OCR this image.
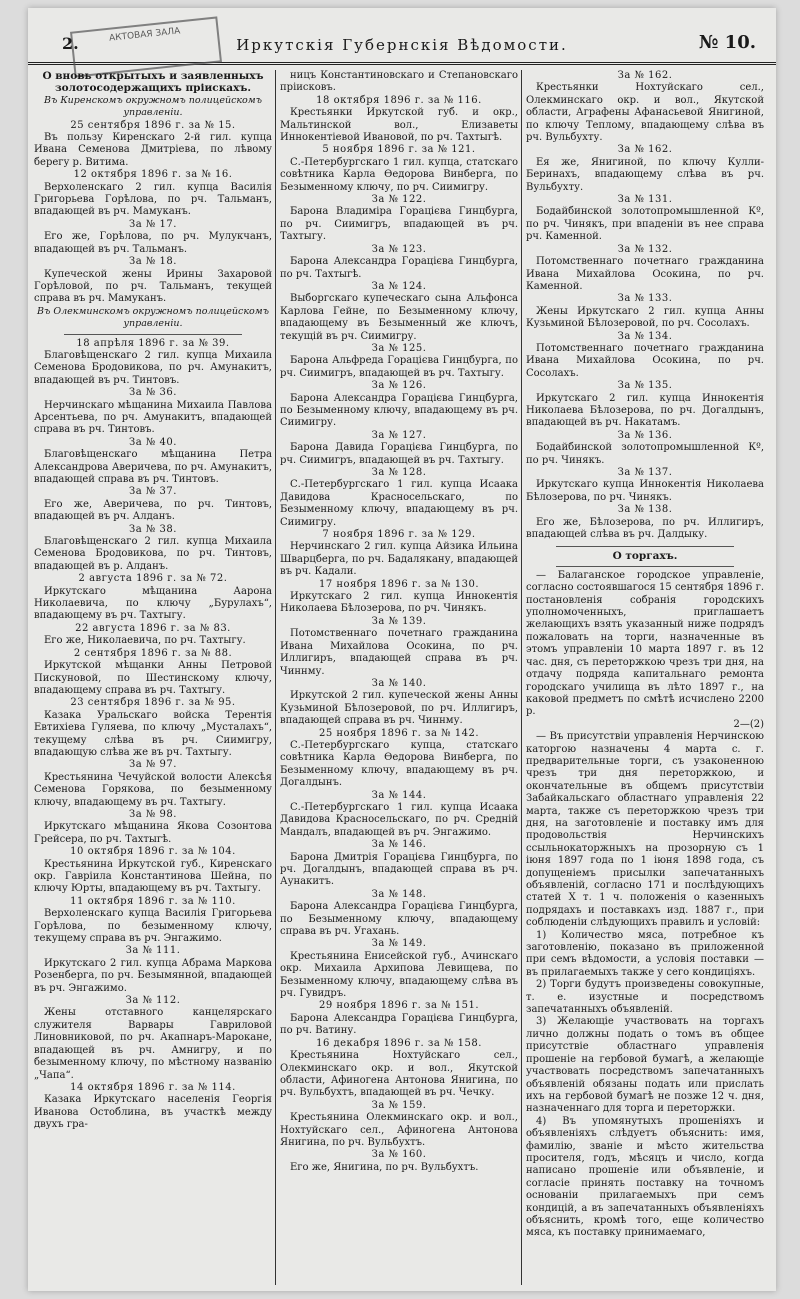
АКТОВАЯ ЗАЛА
2.	Иркутскія Губернскія Вѣдомости.	№ 10.

О вновь открытыхъ и заявленныхъ золотосодержащихъ пріискахъ.

Въ Киренскомъ окружномъ полицейскомъ управленіи.

25 сентября 1896 г. за № 15.

Въ пользу Киренскаго 2-й гил. купца Ивана Семенова Дмитріева, по лѣвому берегу р. Витима.

12 октября 1896 г. за № 16.

Верхоленскаго 2 гил. купца Василія Григорьева Горѣлова, по рч. Тальманъ, впадающей въ рч. Мамуканъ.

За № 17.

Его же, Горѣлова, по рч. Мулукчанъ, впадающей въ рч. Тальманъ.

За № 18.

Купеческой жены Ирины Захаровой Горѣловой, по рч. Тальманъ, текущей справа въ рч. Мамуканъ.

Въ Олекминскомъ окружномъ полицейскомъ управленіи.

18 апрѣля 1896 г. за № 39.

Благовѣщенскаго 2 гил. купца Михаила Семенова Бродовикова, по рч. Амунакитъ, впадающей въ рч. Тинтовъ.

За № 36.

Нерчинскаго мѣщанина Михаила Павлова Арсентьева, по рч. Амунакитъ, впадающей справа въ рч. Тинтовъ.

За № 40.

Благовѣщенскаго мѣщанина Петра Александрова Аверичева, по рч. Амунакитъ, впадающей справа въ рч. Тинтовъ.

За № 37.

Его же, Аверичева, по рч. Тинтовъ, впадающей въ рч. Алданъ.

За № 38.

Благовѣщенскаго 2 гил. купца Михаила Семенова Бродовикова, по рч. Тинтовъ, впадающей въ р. Алданъ.

2 августа 1896 г. за № 72.

Иркутскаго мѣщанина Аарона Николаевича, по ключу „Бурулахъ“, впадающему въ рч. Тахтыгу.

22 августа 1896 г. за № 83.

Его же, Николаевича, по рч. Тахтыгу.

2 сентября 1896 г. за № 88.

Иркутской мѣщанки Анны Петровой Пискуновой, по Шестинскому ключу, впадающему справа въ рч. Тахтыгу.

23 сентября 1896 г. за № 95.

Казака Уральскаго войска Терентія Евтихіева Гуляева, по ключу „Мусталахъ“, текущему слѣва въ рч. Сиимигру, впадающую слѣва же въ рч. Тахтыгу.

За № 97.

Крестьянина Чечуйской волости Алексѣя Семенова Горякова, по безыменному ключу, впадающему въ рч. Тахтыгу.

За № 98.

Иркутскаго мѣщанина Якова Созонтова Грейсера, по рч. Тахтыгѣ.

10 октября 1896 г. за № 104.

Крестьянина Иркутской губ., Киренскаго окр. Гавріила Константинова Шейна, по ключу Юрты, впадающему въ рч. Тахтыгу.

11 октября 1896 г. за № 110.

Верхоленскаго купца Василія Григорьева Горѣлова, по безыменному ключу, текущему справа въ рч. Энгажимо.

За № 111.

Иркутскаго 2 гил. купца Абрама Маркова Розенберга, по рч. Безымянной, впадающей въ рч. Энгажимо.

За № 112.

Жены отставного канцелярскаго служителя Варвары Гавриловой Линовниковой, по рч. Акапнаръ-Марокане, впадающей въ рч. Амнигру, и по безыменному ключу, по мѣстному названію „Чапа“.

14 октября 1896 г. за № 114.

Казака Иркутскаго населенія Георгія Иванова Остоблина, въ участкѣ между двухъ гра-

ницъ Константиновскаго и Степановскаго пріисковъ.

18 октября 1896 г. за № 116.

Крестьянки Иркутской губ. и окр., Мальтинской вол., Елизаветы Иннокентіевой Ивановой, по рч. Тахтыгѣ.

5 ноября 1896 г. за № 121.

С.-Петербургскаго 1 гил. купца, статскаго совѣтника Карла Ѳедорова Винберга, по Безыменному ключу, по рч. Сиимигру.

За № 122.

Барона Владиміра Горацієва Гинцбурга, по рч. Сиимигръ, впадающей въ рч. Тахтыгу.

За № 123.

Барона Александра Горацієва Гинцбурга, по рч. Тахтыгѣ.

За № 124.

Выборгскаго купеческаго сына Альфонса Карлова Гейне, по Безыменному ключу, впадающему въ Безыменный же ключъ, текущій въ рч. Сиимигру.

За № 125.

Барона Альфреда Горацієва Гинцбурга, по рч. Сиимигръ, впадающей въ рч. Тахтыгу.

За № 126.

Барона Александра Горацієва Гинцбурга, по Безыменному ключу, впадающему въ рч. Сиимигру.

За № 127.

Барона Давида Горацієва Гинцбурга, по рч. Сиимигръ, впадающей въ рч. Тахтыгу.

За № 128.

С.-Петербургскаго 1 гил. купца Исаака Давидова Красносельскаго, по Безыменному ключу, впадающему въ рч. Сиимигру.

7 ноября 1896 г. за № 129.

Нерчинскаго 2 гил. купца Айзика Ильина Шварцберга, по рч. Бадалякану, впадающей въ рч. Кадали.

17 ноября 1896 г. за № 130.

Иркутскаго 2 гил. купца Иннокентія Николаева Бѣлозерова, по рч. Чинякъ.

За № 139.

Потомственнаго почетнаго гражданина Ивана Михайлова Осокина, по рч. Иллигиръ, впадающей справа въ рч. Чиннму.

За № 140.

Иркутской 2 гил. купеческой жены Анны Кузьминой Бѣлозеровой, по рч. Иллигиръ, впадающей справа въ рч. Чиннму.

25 ноября 1896 г. за № 142.

С.-Петербургскаго купца, статскаго совѣтника Карла Ѳедорова Винберга, по Безыменному ключу, впадающему въ рч. Догалдынъ.

За № 144.

С.-Петербургскаго 1 гил. купца Исаака Давидова Красносельскаго, по рч. Средній Мандалъ, впадающей въ рч. Энгажимо.

За № 146.

Барона Дмитрія Горацієва Гинцбурга, по рч. Догалдынъ, впадающей справа въ рч. Аунакитъ.

За № 148.

Барона Александра Горацієва Гинцбурга, по Безыменному ключу, впадающему справа въ рч. Угахань.

За № 149.

Крестьянина Енисейской губ., Ачинскаго окр. Михаила Архипова Левищева, по Безыменному ключу, впадающему слѣва въ рч. Гувидръ.

29 ноября 1896 г. за № 151.

Барона Александра Горацієва Гинцбурга, по рч. Ватину.

16 декабря 1896 г. за № 158.

Крестьянина Нохтуйскаго сел., Олекминскаго окр. и вол., Якутской области, Афиногена Антонова Янигина, по рч. Вульбухтъ, впадающей въ рч. Чечку.

За № 159.

Крестьянина Олекминскаго окр. и вол., Нохтуйскаго сел., Афиногена Антонова Янигина, по рч. Вульбухтъ.

За № 160.

Его же, Янигина, по рч. Вульбухтъ.

За № 162.

Крестьянки Нохтуйскаго сел., Олекминскаго окр. и вол., Якутской области, Аграфены Афанасьевой Янигиной, по ключу Теплому, впадающему слѣва въ рч. Вульбухту.

За № 162.

Ея же, Янигиной, по ключу Кулли-Беринахъ, впадающему слѣва въ рч. Вульбухту.

За № 131.

Бодайбинской золотопромышленной Кº, по рч. Чинякъ, при впаденіи въ нее справа рч. Каменной.

За № 132.

Потомственнаго почетнаго гражданина Ивана Михайлова Осокина, по рч. Каменной.

За № 133.

Жены Иркутскаго 2 гил. купца Анны Кузьминой Бѣлозеровой, по рч. Сосолахъ.

За № 134.

Потомственнаго почетнаго гражданина Ивана Михайлова Осокина, по рч. Сосолахъ.

За № 135.

Иркутскаго 2 гил. купца Иннокентія Николаева Бѣлозерова, по рч. Догалдынъ, впадающей въ рч. Накатамъ.

За № 136.

Бодайбинской золотопромышленной Кº, по рч. Чинякъ.

За № 137.

Иркутскаго купца Иннокентія Николаева Бѣлозерова, по рч. Чинякъ.

За № 138.

Его же, Бѣлозерова, по рч. Иллигиръ, впадающей слѣва въ рч. Далдыку.

О торгахъ.

— Балаганское городское управленіе, согласно состоявшагося 15 сентября 1896 г. постановленія собранія городскихъ уполномоченныхъ, приглашаетъ желающихъ взять указанный ниже подрядъ пожаловать на торги, назначенные въ этомъ управленіи 10 марта 1897 г. въ 12 час. дня, съ переторжкою чрезъ три дня, на отдачу подряда капитальнаго ремонта городскаго училища въ лѣто 1897 г., на каковой предметъ по смѣтѣ исчислено 2200 р.

2—(2)

— Въ присутствіи управленія Нерчинскою каторгою назначены 4 марта с. г. предварительные торги, съ узаконенною чрезъ три дня переторжкою, и окончательные въ общемъ присутствіи Забайкальскаго областнаго управленія 22 марта, также съ переторжкою чрезъ три дня, на заготовленіе и поставку имъ для продовольствія Нерчинскихъ ссыльнокаторжныхъ на прозорную съ 1 іюня 1897 года по 1 іюня 1898 года, съ допущеніемъ присылки запечатанныхъ объявленій, согласно 171 и послѣдующихъ статей X т. 1 ч. положенія о казенныхъ подрядахъ и поставкахъ изд. 1887 г., при соблюденіи слѣдующихъ правилъ и условій:

1) Количество мяса, потребное къ заготовленію, показано въ приложенной при семъ вѣдомости, а условія поставки — въ прилагаемыхъ также у сего кондиціяхъ.

2) Торги будутъ произведены совокупные, т. е. изустные и посредствомъ запечатанныхъ объявленій.

3) Желающіе участвовать на торгахъ лично должны подать о томъ въ общее присутствіе областнаго управленія прошеніе на гербовой бумагѣ, а желающіе участвовать посредствомъ запечатанныхъ объявленій обязаны подать или прислать ихъ на гербовой бумагѣ не позже 12 ч. дня, назначеннаго для торга и переторжки.

4) Въ упомянутыхъ прошеніяхъ и объявленіяхъ слѣдуетъ объяснить: имя, фамилію, званіе и мѣсто жительства просителя, годъ, мѣсяцъ и число, когда написано прошеніе или объявленіе, и согласіе принять поставку на точномъ основаніи прилагаемыхъ при семъ кондицій, а въ запечатанныхъ объявленіяхъ объяснить, кромѣ того, еще количество мяса, къ поставку принимаемаго,
